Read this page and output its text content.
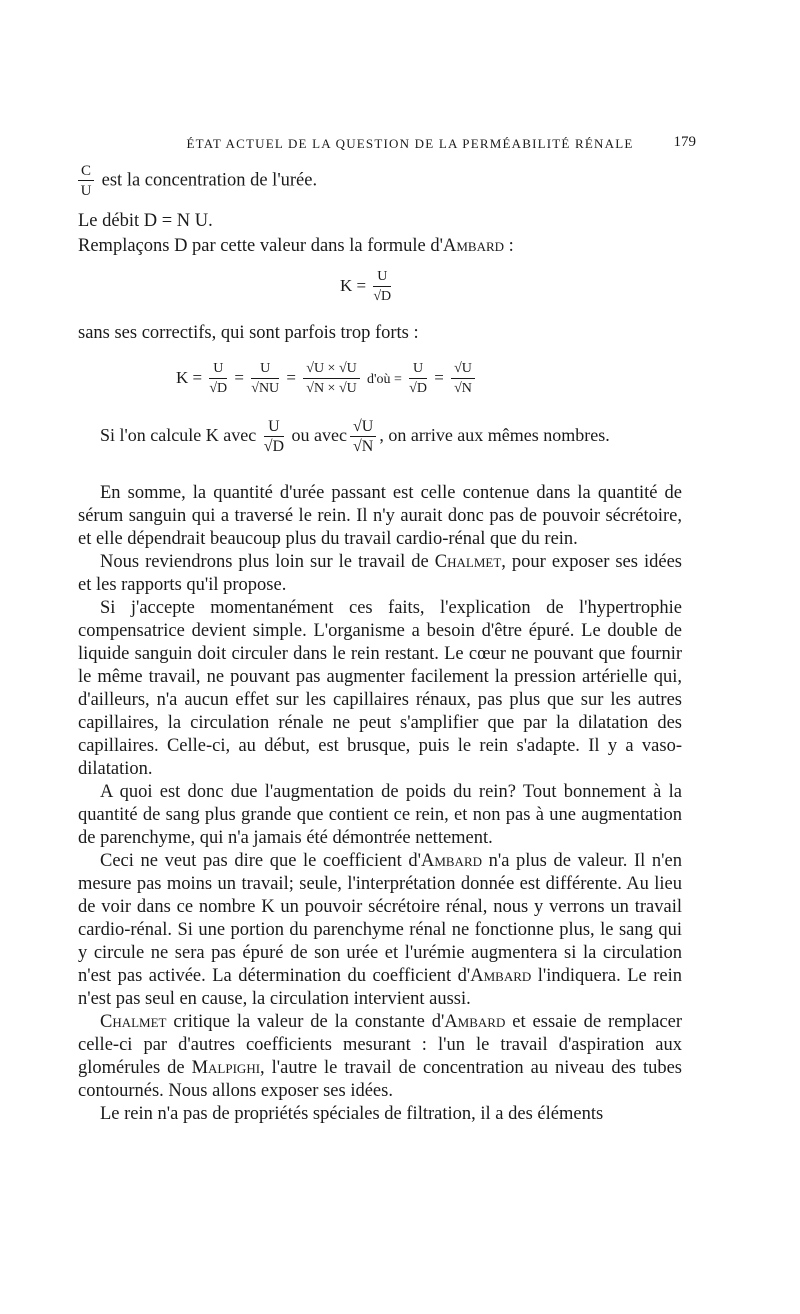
ÉTAT ACTUEL DE LA QUESTION DE LA PERMÉABILITÉ RÉNALE	179
$\frac{C}{U}$ est la concentration de l'urée.
Le débit D = N U.
Remplaçons D par cette valeur dans la formule d'Ambard :
$K = \frac{U}{√D}$
sans ses correctifs, qui sont parfois trop forts :
$K = \frac{U}{√D} = \frac{U}{√NU} = \frac{√U \times √U}{√N \times √U}$ d'où = $\frac{U}{√D} = \frac{√U}{√N}$
Si l'on calcule K avec $\frac{U}{√D}$ ou avec $\frac{√U}{√N}$ , on arrive aux mêmes nombres.

En somme, la quantité d'urée passant est celle contenue dans la quantité de sérum sanguin qui a traversé le rein. Il n'y aurait donc pas de pouvoir sécrétoire, et elle dépendrait beaucoup plus du travail cardio-rénal que du rein.

Nous reviendrons plus loin sur le travail de Chalmet, pour exposer ses idées et les rapports qu'il propose.

Si j'accepte momentanément ces faits, l'explication de l'hypertrophie compensatrice devient simple. L'organisme a besoin d'être épuré. Le double de liquide sanguin doit circuler dans le rein restant. Le cœur ne pouvant que fournir le même travail, ne pouvant pas augmenter facilement la pression artérielle qui, d'ailleurs, n'a aucun effet sur les capillaires rénaux, pas plus que sur les autres capillaires, la circulation rénale ne peut s'amplifier que par la dilatation des capillaires. Celle-ci, au début, est brusque, puis le rein s'adapte. Il y a vaso-dilatation.

A quoi est donc due l'augmentation de poids du rein? Tout bonnement à la quantité de sang plus grande que contient ce rein, et non pas à une augmentation de parenchyme, qui n'a jamais été démontrée nettement.

Ceci ne veut pas dire que le coefficient d'Ambard n'a plus de valeur. Il n'en mesure pas moins un travail; seule, l'interprétation donnée est différente. Au lieu de voir dans ce nombre K un pouvoir sécrétoire rénal, nous y verrons un travail cardio-rénal. Si une portion du parenchyme rénal ne fonctionne plus, le sang qui y circule ne sera pas épuré de son urée et l'urémie augmentera si la circulation n'est pas activée. La détermination du coefficient d'Ambard l'indiquera. Le rein n'est pas seul en cause, la circulation intervient aussi.

Chalmet critique la valeur de la constante d'Ambard et essaie de remplacer celle-ci par d'autres coefficients mesurant : l'un le travail d'aspiration aux glomérules de Malpighi, l'autre le travail de concentration au niveau des tubes contournés. Nous allons exposer ses idées.

Le rein n'a pas de propriétés spéciales de filtration, il a des éléments
